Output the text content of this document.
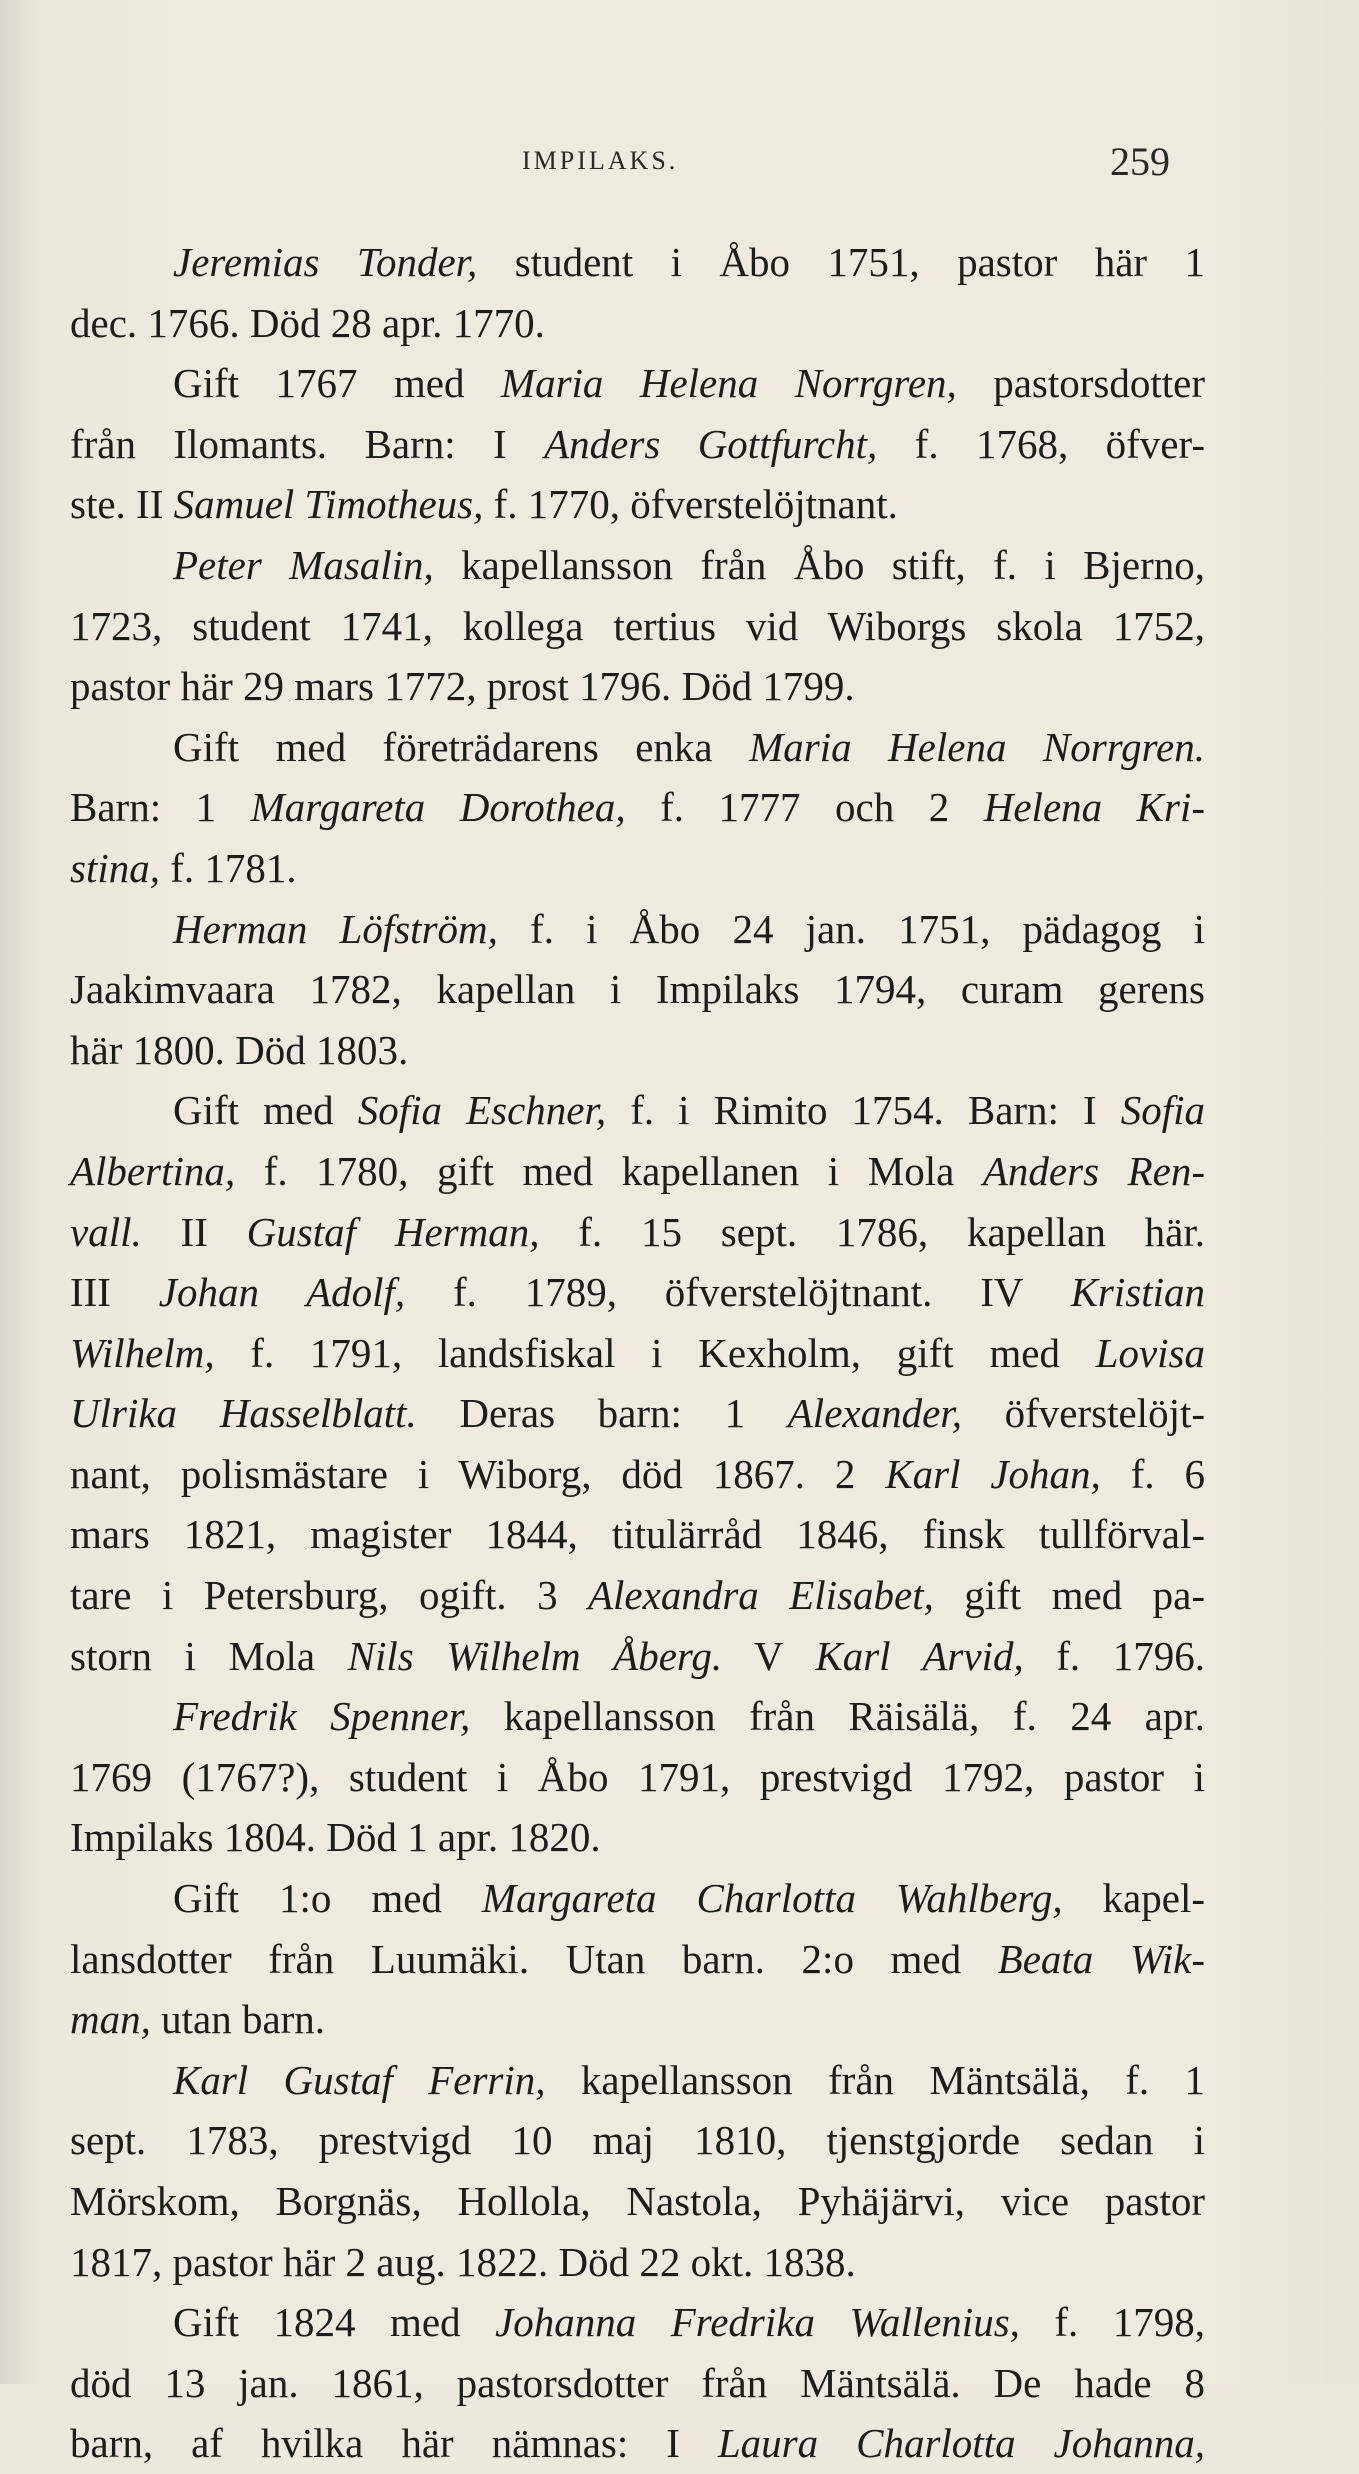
IMPILAKS.	259
Jeremias Tonder, student i Åbo 1751, pastor här 1
dec. 1766. Död 28 apr. 1770.
Gift 1767 med Maria Helena Norrgren, pastorsdotter
från Ilomants. Barn: I Anders Gottfurcht, f. 1768, öfver-
ste. II Samuel Timotheus, f. 1770, öfverstelöjtnant.
Peter Masalin, kapellansson från Åbo stift, f. i Bjerno,
1723, student 1741, kollega tertius vid Wiborgs skola 1752,
pastor här 29 mars 1772, prost 1796. Död 1799.
Gift med företrädarens enka Maria Helena Norrgren.
Barn: 1 Margareta Dorothea, f. 1777 och 2 Helena Kri-
stina, f. 1781.
Herman Löfström, f. i Åbo 24 jan. 1751, pädagog i
Jaakimvaara 1782, kapellan i Impilaks 1794, curam gerens
här 1800. Död 1803.
Gift med Sofia Eschner, f. i Rimito 1754. Barn: I Sofia
Albertina, f. 1780, gift med kapellanen i Mola Anders Ren-
vall. II Gustaf Herman, f. 15 sept. 1786, kapellan här.
III Johan Adolf, f. 1789, öfverstelöjtnant. IV Kristian
Wilhelm, f. 1791, landsfiskal i Kexholm, gift med Lovisa
Ulrika Hasselblatt. Deras barn: 1 Alexander, öfverstelöjt-
nant, polismästare i Wiborg, död 1867. 2 Karl Johan, f. 6
mars 1821, magister 1844, titulärråd 1846, finsk tullförval-
tare i Petersburg, ogift. 3 Alexandra Elisabet, gift med pa-
storn i Mola Nils Wilhelm Åberg. V Karl Arvid, f. 1796.
Fredrik Spenner, kapellansson från Räisälä, f. 24 apr.
1769 (1767?), student i Åbo 1791, prestvigd 1792, pastor i
Impilaks 1804. Död 1 apr. 1820.
Gift 1:o med Margareta Charlotta Wahlberg, kapel-
lansdotter från Luumäki. Utan barn. 2:o med Beata Wik-
man, utan barn.
Karl Gustaf Ferrin, kapellansson från Mäntsälä, f. 1
sept. 1783, prestvigd 10 maj 1810, tjenstgjorde sedan i
Mörskom, Borgnäs, Hollola, Nastola, Pyhäjärvi, vice pastor
1817, pastor här 2 aug. 1822. Död 22 okt. 1838.
Gift 1824 med Johanna Fredrika Wallenius, f. 1798,
död 13 jan. 1861, pastorsdotter från Mäntsälä. De hade 8
barn, af hvilka här nämnas: I Laura Charlotta Johanna,
